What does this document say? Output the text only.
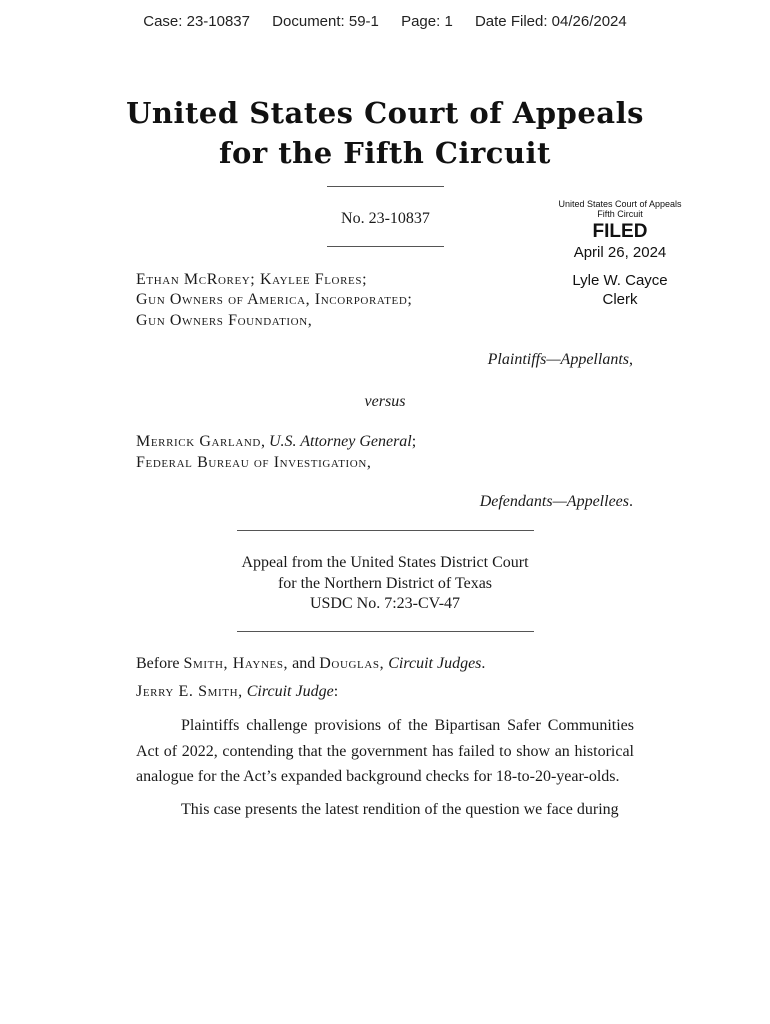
Case: 23-10837 Document: 59-1 Page: 1 Date Filed: 04/26/2024
United States Court of Appeals
for the Fifth Circuit
No. 23-10837
United States Court of Appeals
Fifth Circuit
FILED
April 26, 2024
Lyle W. Cayce
Clerk
Ethan McRorey; Kaylee Flores;
Gun Owners of America, Incorporated;
Gun Owners Foundation,
Plaintiffs—Appellants,
versus
Merrick Garland, U.S. Attorney General;
Federal Bureau of Investigation,
Defendants—Appellees.
Appeal from the United States District Court
for the Northern District of Texas
USDC No. 7:23-CV-47
Before Smith, Haynes, and Douglas, Circuit Judges.
Jerry E. Smith, Circuit Judge:
Plaintiffs challenge provisions of the Bipartisan Safer Communities Act of 2022, contending that the government has failed to show an historical analogue for the Act’s expanded background checks for 18-to-20-year-olds.
This case presents the latest rendition of the question we face during
